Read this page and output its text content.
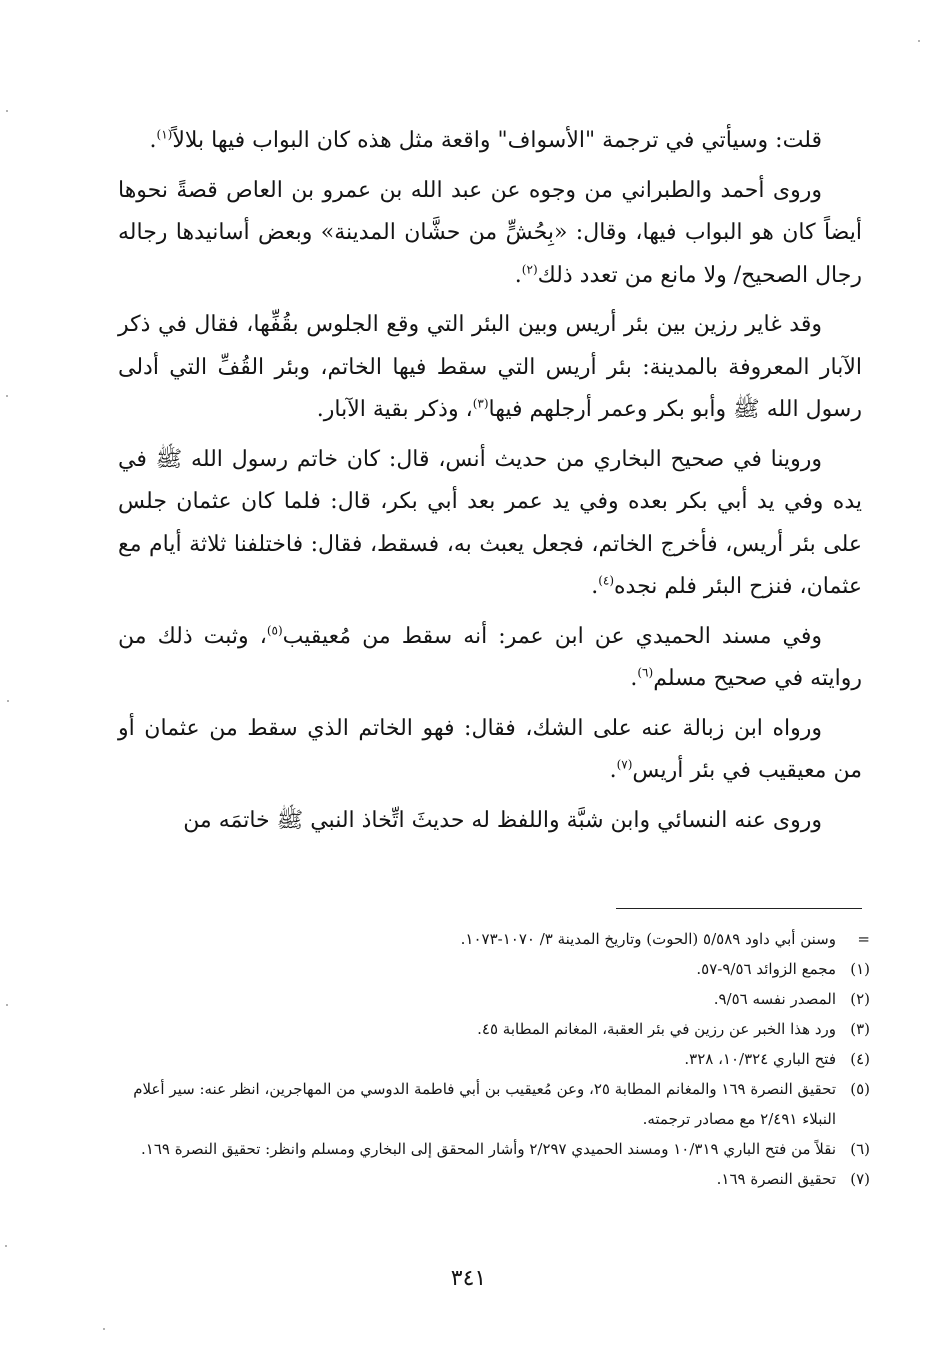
قلت: وسيأتي في ترجمة "الأسواف" واقعة مثل هذه كان البواب فيها بلالاً$^{(١)}$.

وروى أحمد والطبراني من وجوه عن عبد الله بن عمرو بن العاص قصةً نحوها أيضاً كان هو البواب فيها، وقال: «بِحُشٍّ من حشَّان المدينة» وبعض أسانيدها رجاله رجال الصحيح/ ولا مانع من تعدد ذلك$^{(٢)}$.

وقد غاير رزين بين بئر أريس وبين البئر التي وقع الجلوس بقُفِّها، فقال في ذكر الآبار المعروفة بالمدينة: بئر أريس التي سقط فيها الخاتم، وبئر القُفِّ التي أدلى رسول الله ﷺ وأبو بكر وعمر أرجلهم فيها$^{(٣)}$، وذكر بقية الآبار.

وروينا في صحيح البخاري من حديث أنس، قال: كان خاتم رسول الله ﷺ في يده وفي يد أبي بكر بعده وفي يد عمر بعد أبي بكر، قال: فلما كان عثمان جلس على بئر أريس، فأخرج الخاتم، فجعل يعبث به، فسقط، فقال: فاختلفنا ثلاثة أيام مع عثمان، فنزح البئر فلم نجده$^{(٤)}$.

وفي مسند الحميدي عن ابن عمر: أنه سقط من مُعيقيب$^{(٥)}$، وثبت ذلك من روايته في صحيح مسلم$^{(٦)}$.

ورواه ابن زبالة عنه على الشك، فقال: فهو الخاتم الذي سقط من عثمان أو من معيقيب في بئر أريس$^{(٧)}$.

وروى عنه النسائي وابن شبَّة واللفظ له حديثَ اتِّخاذ النبي ﷺ خاتمَه من

=
وسنن أبي داود ٥/٥٨٩ (الحوت) وتاريخ المدينة ٣/ ١٠٧٠-١٠٧٣.
(١)
مجمع الزوائد ٩/٥٦-٥٧.
(٢)
المصدر نفسه ٩/٥٦.
(٣)
ورد هذا الخبر عن رزين في بئر العقبة، المغانم المطابة ٤٥.
(٤)
فتح الباري ١٠/٣٢٤، ٣٢٨.
(٥)
تحقيق النصرة ١٦٩ والمغانم المطابة ٢٥، وعن مُعيقيب بن أبي فاطمة الدوسي من المهاجرين، انظر عنه: سير أعلام النبلاء ٢/٤٩١ مع مصادر ترجمته.
(٦)
نقلاً من فتح الباري ١٠/٣١٩ ومسند الحميدي ٢/٢٩٧ وأشار المحقق إلى البخاري ومسلم وانظر: تحقيق النصرة ١٦٩.
(٧)
تحقيق النصرة ١٦٩.
٣٤١
